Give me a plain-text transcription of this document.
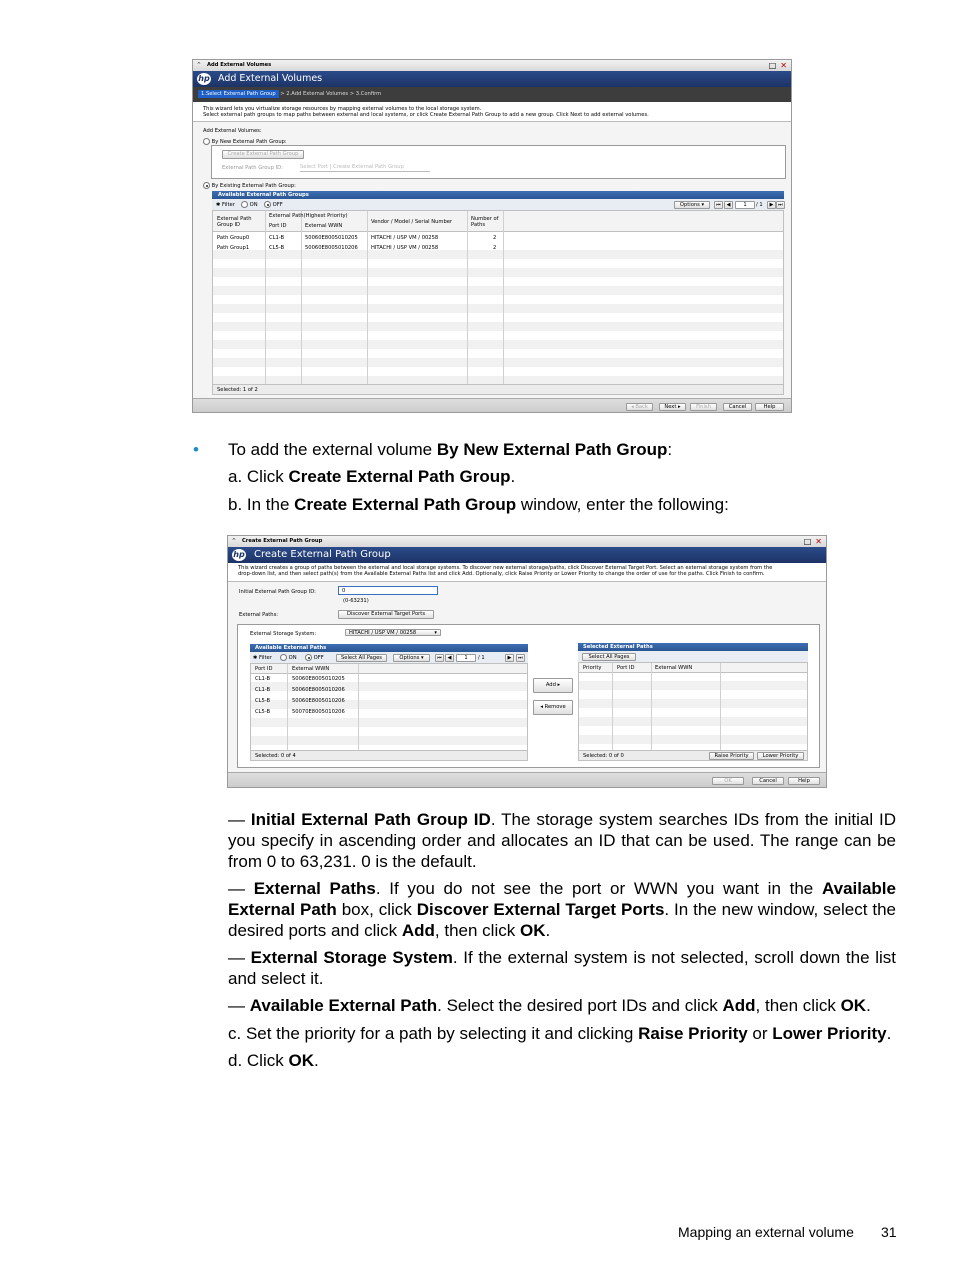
⌃ Add External Volumes	□ ✕
hp Add External Volumes
1.Select External Path Group > 2.Add External Volumes > 3.Confirm
This wizard lets you virtualize storage resources by mapping external volumes to the local storage system.
Select external path groups to map paths between external and local systems, or click Create External Path Group to add a new group. Click Next to add external volumes.
Add External Volumes:
By New External Path Group:
Create External Path Group
External Path Group ID:	Select Port | Create External Path Group
By Existing External Path Group:
Available External Path Groups
✱ Filter	ON	OFF	Options ▾	⏮	◀	1	/ 1	▶ ⏭
External Path Group ID
External Path(Highest Priority)
Port ID	External WWN
Vendor / Model / Serial Number	Number of Paths
Path Group0	CL1-B	50060E8005010205	HITACHI / USP VM / 00258	2
Path Group1	CL5-B	50060E8005010206	HITACHI / USP VM / 00258	2
Selected: 1 of 2
◂ Back	Next ▸	Finish	Cancel	Help
• To add the external volume By New External Path Group:
a. Click Create External Path Group.
b. In the Create External Path Group window, enter the following:
⌃ Create External Path Group	□ ✕
hp Create External Path Group
This wizard creates a group of paths between the external and local storage systems. To discover new external storage/paths, click Discover External Target Port. Select an external storage system from the
drop-down list, and then select path(s) from the Available External Paths list and click Add. Optionally, click Raise Priority or Lower Priority to change the order of use for the paths. Click Finish to confirm.
Initial External Path Group ID:	0
(0-63231)
External Paths:	Discover External Target Ports
External Storage System:	HITACHI / USP VM / 00258	▾
Available External Paths
✱ Filter	ON	OFF	Select All Pages	Options ▾	⏮	◀	1	/ 1	▶	⏭
Port ID	External WWN
CL1-B	50060E8005010205
CL1-B	50060E8005010206
CL5-B	50060E8005010206
CL5-B	50070E8005010206
Selected: 0 of 4
Add ▸
◂ Remove
Selected External Paths
Select All Pages
Priority	Port ID	External WWN
Selected: 0 of 0	Raise Priority	Lower Priority
OK	Cancel	Help
— Initial External Path Group ID. The storage system searches IDs from the initial ID you specify in ascending order and allocates an ID that can be used. The range can be from 0 to 63,231. 0 is the default.
— External Paths. If you do not see the port or WWN you want in the Available External Path box, click Discover External Target Ports. In the new window, select the desired ports and click Add, then click OK.
— External Storage System. If the external system is not selected, scroll down the list and select it.
— Available External Path. Select the desired port IDs and click Add, then click OK.
c. Set the priority for a path by selecting it and clicking Raise Priority or Lower Priority.
d. Click OK.
Mapping an external volume 31
